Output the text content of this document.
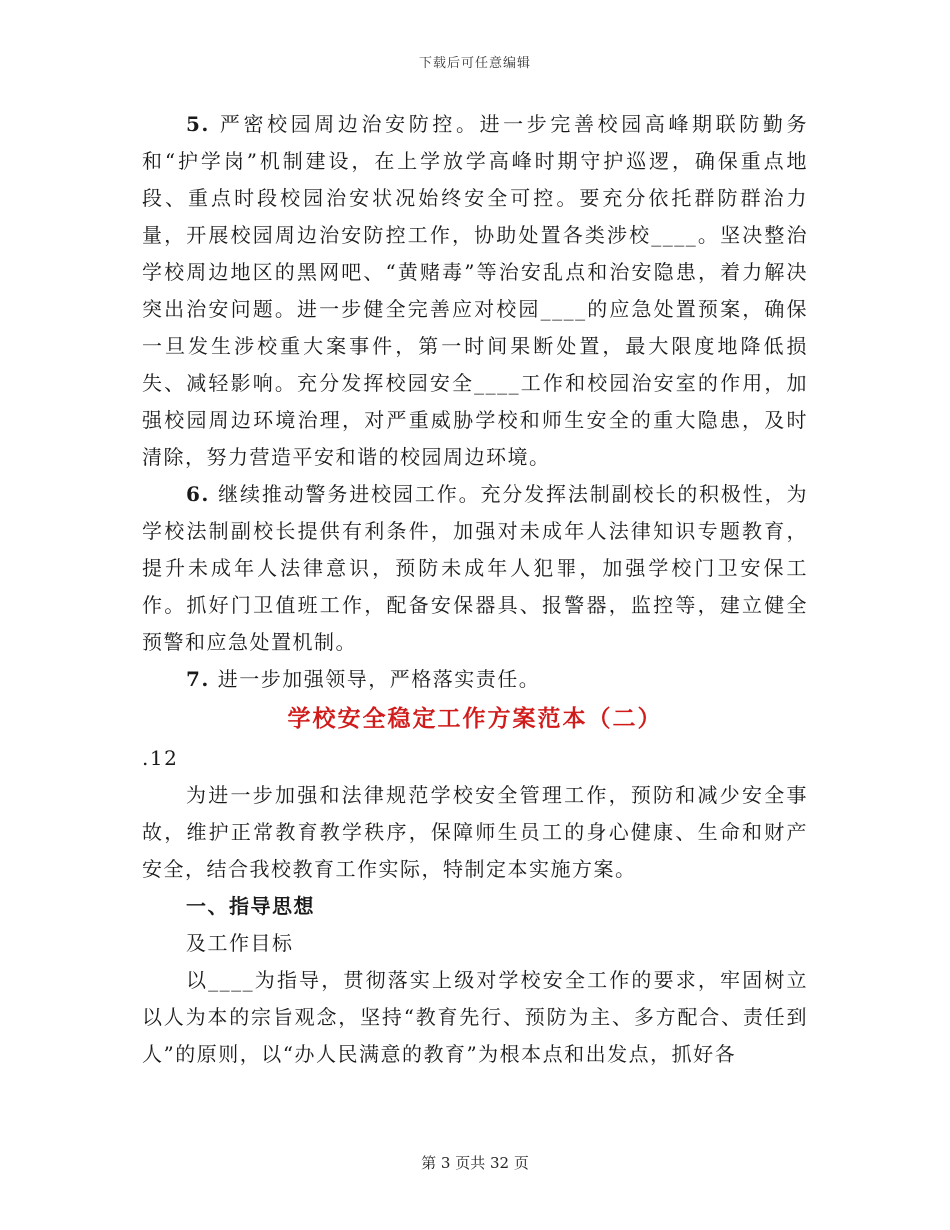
下载后可任意编辑

5. 严密校园周边治安防控。进一步完善校园高峰期联防勤务和“护学岗”机制建设，在上学放学高峰时期守护巡逻，确保重点地段、重点时段校园治安状况始终安全可控。要充分依托群防群治力量，开展校园周边治安防控工作，协助处置各类涉校____。坚决整治学校周边地区的黑网吧、“黄赌毒”等治安乱点和治安隐患，着力解决突出治安问题。进一步健全完善应对校园____的应急处置预案，确保一旦发生涉校重大案事件，第一时间果断处置，最大限度地降低损失、减轻影响。充分发挥校园安全____工作和校园治安室的作用，加强校园周边环境治理，对严重威胁学校和师生安全的重大隐患，及时清除，努力营造平安和谐的校园周边环境。

6. 继续推动警务进校园工作。充分发挥法制副校长的积极性，为学校法制副校长提供有利条件，加强对未成年人法律知识专题教育，提升未成年人法律意识，预防未成年人犯罪，加强学校门卫安保工作。抓好门卫值班工作，配备安保器具、报警器，监控等，建立健全预警和应急处置机制。

7. 进一步加强领导，严格落实责任。

学校安全稳定工作方案范本（二）

.12

为进一步加强和法律规范学校安全管理工作，预防和减少安全事故，维护正常教育教学秩序，保障师生员工的身心健康、生命和财产安全，结合我校教育工作实际，特制定本实施方案。

一、指导思想

及工作目标

以____为指导，贯彻落实上级对学校安全工作的要求，牢固树立以人为本的宗旨观念，坚持“教育先行、预防为主、多方配合、责任到人”的原则，以“办人民满意的教育”为根本点和出发点，抓好各

第 3 页共 32 页
